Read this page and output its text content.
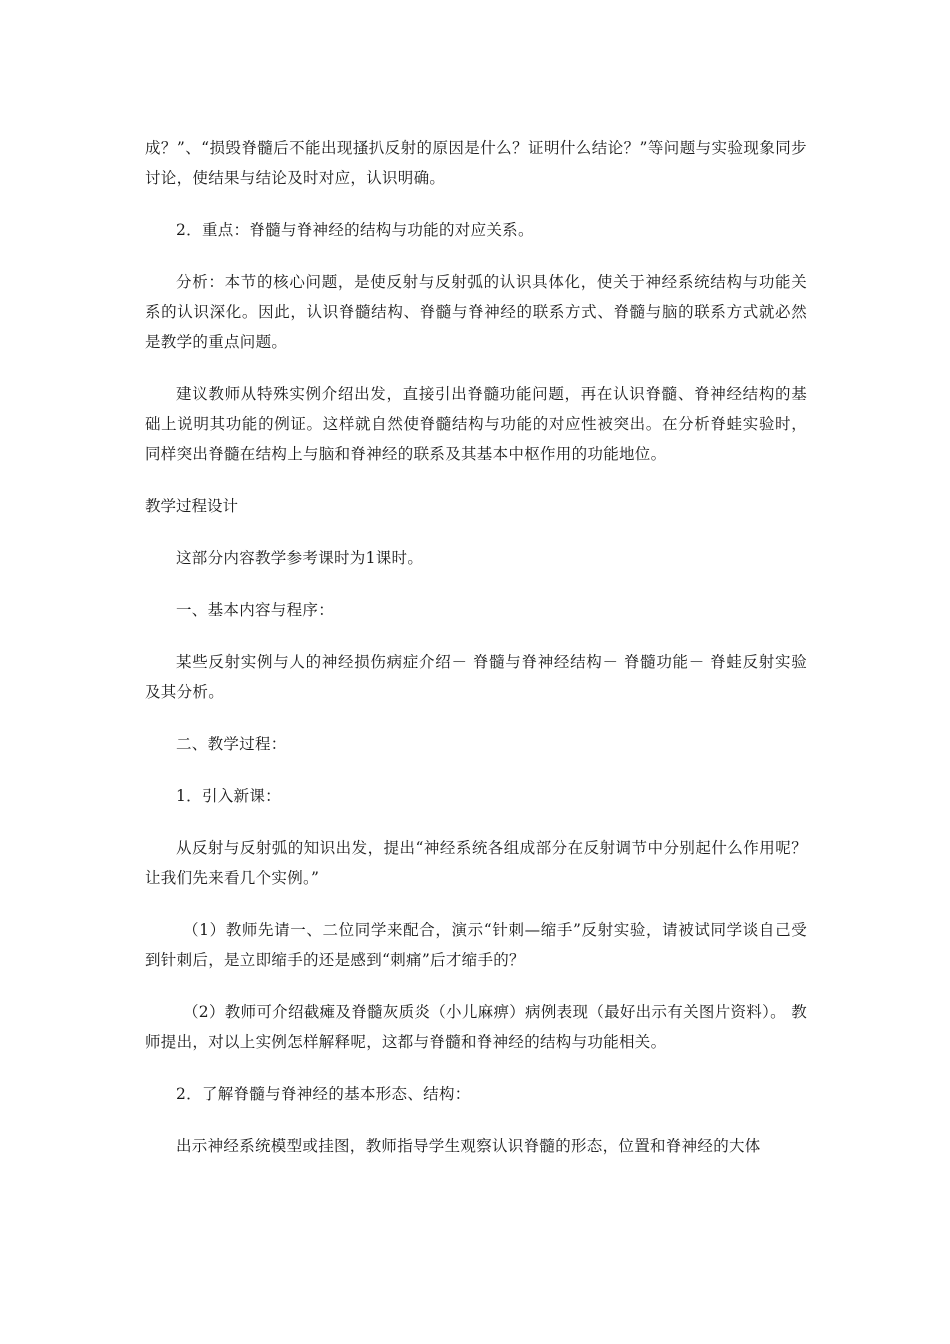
成？”、“损毁脊髓后不能出现搔扒反射的原因是什么？证明什么结论？”等问题与实验现象同步讨论，使结果与结论及时对应，认识明确。

2．重点：脊髓与脊神经的结构与功能的对应关系。

分析：本节的核心问题，是使反射与反射弧的认识具体化，使关于神经系统结构与功能关系的认识深化。因此，认识脊髓结构、脊髓与脊神经的联系方式、脊髓与脑的联系方式就必然是教学的重点问题。

建议教师从特殊实例介绍出发，直接引出脊髓功能问题，再在认识脊髓、脊神经结构的基础上说明其功能的例证。这样就自然使脊髓结构与功能的对应性被突出。在分析脊蛙实验时，同样突出脊髓在结构上与脑和脊神经的联系及其基本中枢作用的功能地位。

教学过程设计

这部分内容教学参考课时为1课时。

一、基本内容与程序：

某些反射实例与人的神经损伤病症介绍－ 脊髓与脊神经结构－ 脊髓功能－ 脊蛙反射实验及其分析。

二、教学过程：

1．引入新课：

从反射与反射弧的知识出发，提出“神经系统各组成部分在反射调节中分别起什么作用呢？让我们先来看几个实例。”

（1）教师先请一、二位同学来配合，演示“针刺—缩手”反射实验，请被试同学谈自己受到针刺后，是立即缩手的还是感到“刺痛”后才缩手的？

（2）教师可介绍截瘫及脊髓灰质炎（小儿麻痹）病例表现（最好出示有关图片资料）。 教师提出，对以上实例怎样解释呢，这都与脊髓和脊神经的结构与功能相关。

2．了解脊髓与脊神经的基本形态、结构：

出示神经系统模型或挂图，教师指导学生观察认识脊髓的形态，位置和脊神经的大体
